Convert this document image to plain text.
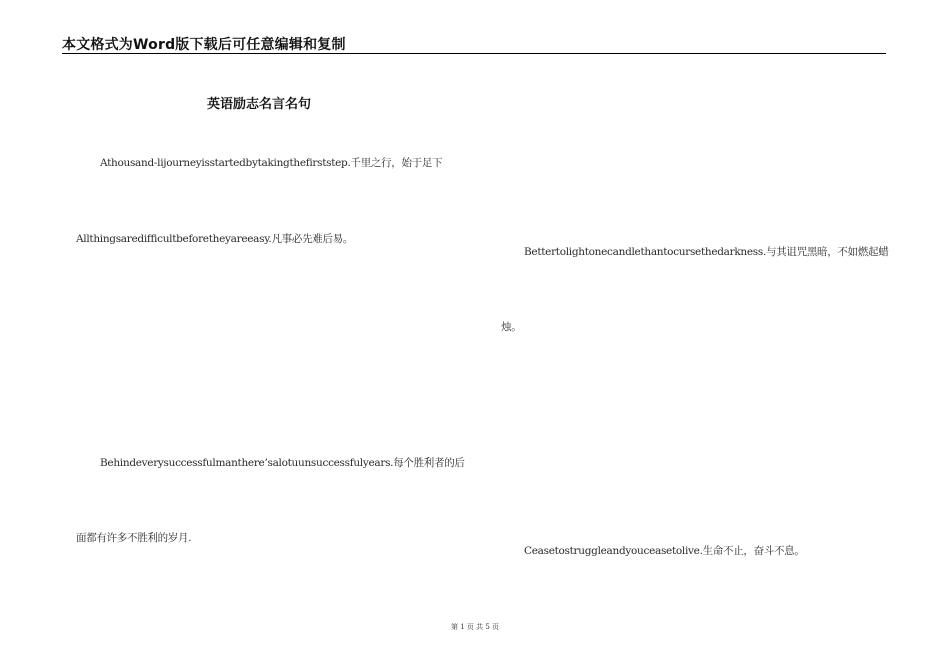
本文格式为Word版下载后可任意编辑和复制
英语励志名言名句
Athousand-lijourneyisstartedbytakingthefirststep.千里之行，始于足下
Allthingsaredifficultbeforetheyareeasy.凡事必先难后易。
Bettertolightonecandlethantocursethedarkness.与其诅咒黑暗，不如燃起蜡
烛。
Behindeverysuccessfulmanthere’salotuunsuccessfulyears.每个胜利者的后
面都有许多不胜利的岁月.
Ceasetostruggleandyouceasetolive.生命不止，奋斗不息。
第 1 页 共 5 页
